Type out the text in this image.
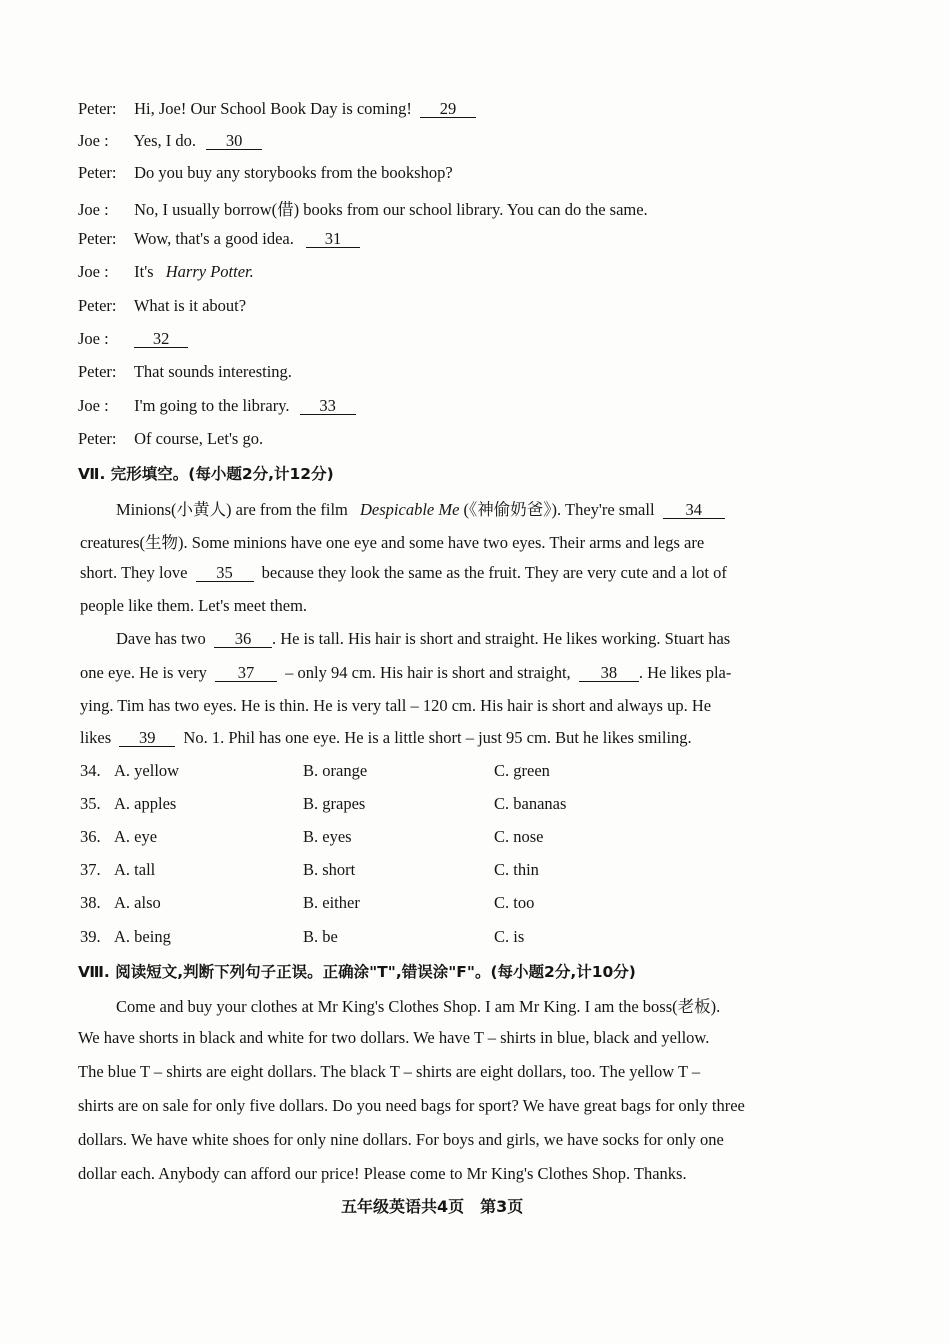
Peter: Hi, Joe! Our School Book Day is coming! 29
Joe : Yes, I do. 30
Peter: Do you buy any storybooks from the bookshop?
Joe : No, I usually borrow(借) books from our school library. You can do the same.
Peter: Wow, that's a good idea. 31
Joe : It's Harry Potter.
Peter: What is it about?
Joe :	32
Peter: That sounds interesting.
Joe : I'm going to the library. 33
Peter: Of course, Let's go.
Ⅶ. 完形填空。(每小题2分,计12分)
Minions(小黄人) are from the film Despicable Me (《神偷奶爸》). They're small 34
creatures(生物). Some minions have one eye and some have two eyes. Their arms and legs are
short. They love 35 because they look the same as the fruit. They are very cute and a lot of
people like them. Let's meet them.
Dave has two 36 . He is tall. His hair is short and straight. He likes working. Stuart has
one eye. He is very 37 – only 94 cm. His hair is short and straight, 38 . He likes pla-
ying. Tim has two eyes. He is thin. He is very tall – 120 cm. His hair is short and always up. He
likes 39 No. 1. Phil has one eye. He is a little short – just 95 cm. But he likes smiling.
34. A. yellow	B. orange	C. green
35. A. apples	B. grapes	C. bananas
36. A. eye	B. eyes	C. nose
37. A. tall	B. short	C. thin
38. A. also	B. either	C. too
39. A. being	B. be	C. is
Ⅷ. 阅读短文,判断下列句子正误。正确涂"T",错误涂"F"。(每小题2分,计10分)
Come and buy your clothes at Mr King's Clothes Shop. I am Mr King. I am the boss(老板).
We have shorts in black and white for two dollars. We have T – shirts in blue, black and yellow.
The blue T – shirts are eight dollars. The black T – shirts are eight dollars, too. The yellow T –
shirts are on sale for only five dollars. Do you need bags for sport? We have great bags for only three
dollars. We have white shoes for only nine dollars. For boys and girls, we have socks for only one
dollar each. Anybody can afford our price! Please come to Mr King's Clothes Shop. Thanks.
五年级英语共4页　第3页
